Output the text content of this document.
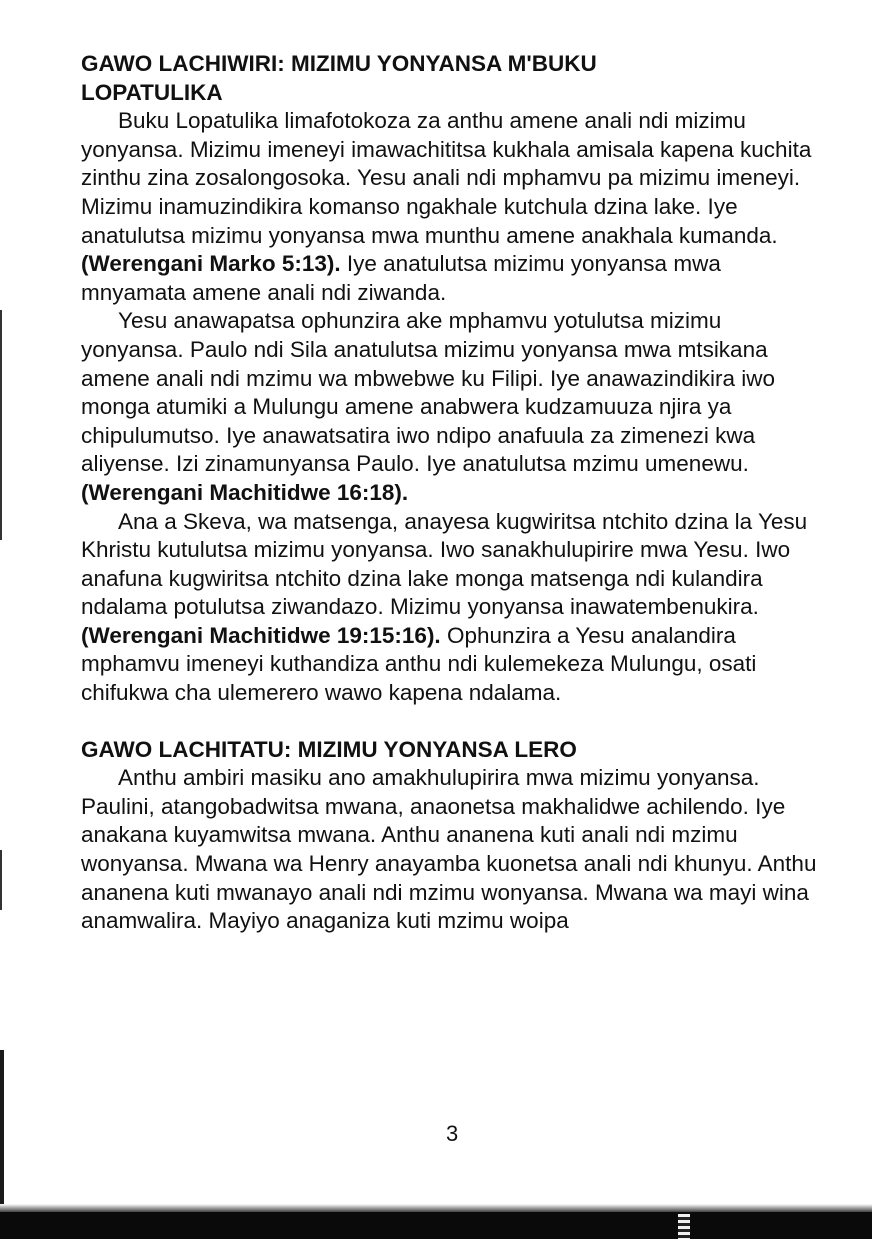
GAWO LACHIWIRI: MIZIMU YONYANSA M'BUKU
LOPATULIKA

Buku Lopatulika limafotokoza za anthu amene anali ndi mizimu yonyansa. Mizimu imeneyi imawachititsa kukhala amisala kapena kuchita zinthu zina zosalongosoka. Yesu anali ndi mphamvu pa mizimu imeneyi. Mizimu inamuzindikira komanso ngakhale kutchula dzina lake. Iye anatulutsa mizimu yonyansa mwa munthu amene anakhala kumanda.
(Werengani Marko 5:13). Iye anatulutsa mizimu yonyansa mwa mnyamata amene anali ndi ziwanda.

Yesu anawapatsa ophunzira ake mphamvu yotulutsa mizimu yonyansa. Paulo ndi Sila anatulutsa mizimu yonyansa mwa mtsikana amene anali ndi mzimu wa mbwebwe ku Filipi. Iye anawazindikira iwo monga atumiki a Mulungu amene anabwera kudzamuuza njira ya chipulumutso. Iye anawatsatira iwo ndipo anafuula za zimenezi kwa aliyense. Izi zinamunyansa Paulo. Iye anatulutsa mzimu umenewu.
(Werengani Machitidwe 16:18).

Ana a Skeva, wa matsenga, anayesa kugwiritsa ntchito dzina la Yesu Khristu kutulutsa mizimu yonyansa. Iwo sanakhulupirire mwa Yesu. Iwo anafuna kugwiritsa ntchito dzina lake monga matsenga ndi kulandira ndalama potulutsa ziwandazo. Mizimu yonyansa inawatembenukira. (Werengani Machitidwe 19:15:16). Ophunzira a Yesu analandira mphamvu imeneyi kuthandiza anthu ndi kulemekeza Mulungu, osati chifukwa cha ulemerero wawo kapena ndalama.

GAWO LACHITATU: MIZIMU YONYANSA LERO

Anthu ambiri masiku ano amakhulupirira mwa mizimu yonyansa. Paulini, atangobadwitsa mwana, anaonetsa makhalidwe achilendo. Iye anakana kuyamwitsa mwana. Anthu ananena kuti anali ndi mzimu wonyansa. Mwana wa Henry anayamba kuonetsa anali ndi khunyu. Anthu ananena kuti mwanayo anali ndi mzimu wonyansa. Mwana wa mayi wina anamwalira. Mayiyo anaganiza kuti mzimu woipa

3
